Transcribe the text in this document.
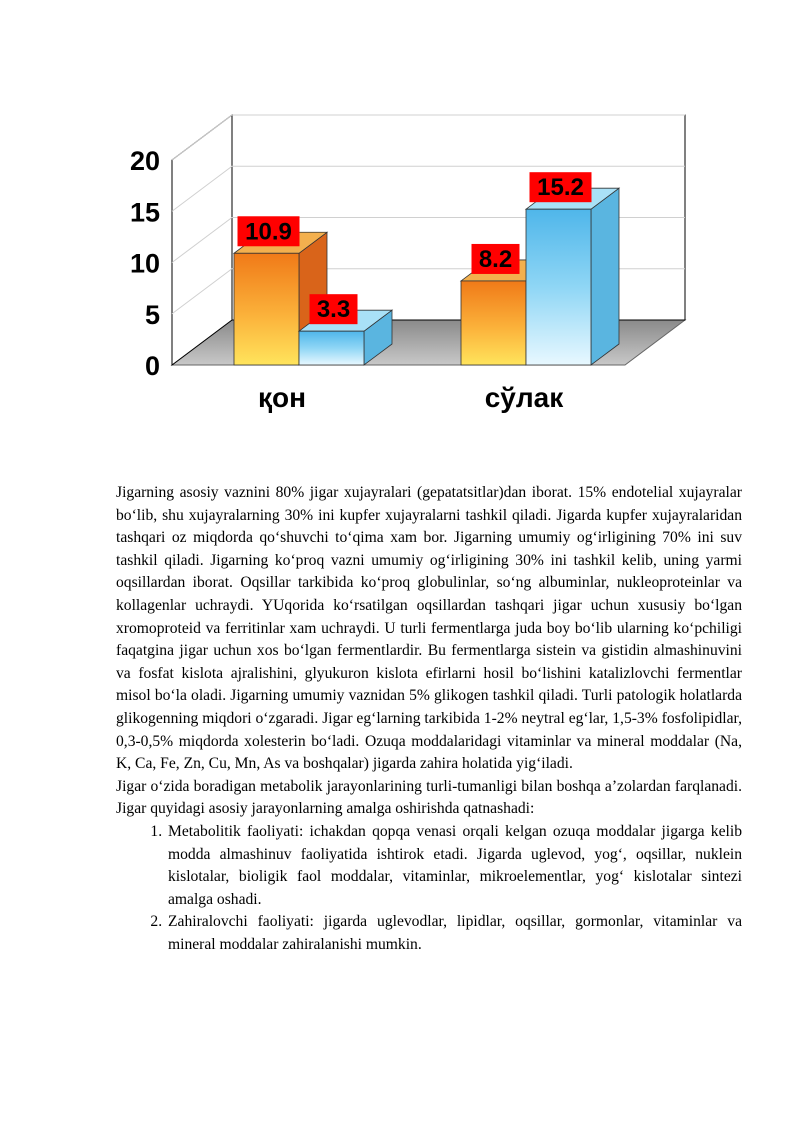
0
5
10
15
20
10.9
3.3
қон
8.2
15.2
сўлак

Jigarning asosiy vaznini 80% jigar xujayralari (gepatatsitlar)dan iborat. 15% endotelial xujayralar bo‘lib, shu xujayralarning 30% ini kupfer xujayralarni tashkil qiladi. Jigarda kupfer xujayralaridan tashqari oz miqdorda qo‘shuvchi to‘qima xam bor. Jigarning umumiy og‘irligining 70% ini suv tashkil qiladi. Jigarning ko‘proq vazni umumiy og‘irligining 30% ini tashkil kelib, uning yarmi oqsillardan iborat. Oqsillar tarkibida ko‘proq globulinlar, so‘ng albuminlar, nukleoproteinlar va kollagenlar uchraydi. YUqorida ko‘rsatilgan oqsillardan tashqari jigar uchun xususiy bo‘lgan xromoproteid va ferritinlar xam uchraydi. U turli fermentlarga juda boy bo‘lib ularning ko‘pchiligi faqatgina jigar uchun xos bo‘lgan fermentlardir. Bu fermentlarga sistein va gistidin almashinuvini va fosfat kislota ajralishini, glyukuron kislota efirlarni hosil bo‘lishini katalizlovchi fermentlar misol bo‘la oladi. Jigarning umumiy vaznidan 5% glikogen tashkil qiladi. Turli patologik holatlarda glikogenning miqdori o‘zgaradi. Jigar eg‘larning tarkibida 1-2% neytral eg‘lar, 1,5-3% fosfolipidlar, 0,3-0,5% miqdorda xolesterin bo‘ladi. Ozuqa moddalaridagi vitaminlar va mineral moddalar (Na, K, Ca, Fe, Zn, Cu, Mn, As va boshqalar) jigarda zahira holatida yig‘iladi.

Jigar o‘zida boradigan metabolik jarayonlarining turli-tumanligi bilan boshqa a’zolardan farqlanadi. Jigar quyidagi asosiy jarayonlarning amalga oshirishda qatnashadi:

1. Metabolitik faoliyati: ichakdan qopqa venasi orqali kelgan ozuqa moddalar jigarga kelib modda almashinuv faoliyatida ishtirok etadi. Jigarda uglevod, yog‘, oqsillar, nuklein kislotalar, bioligik faol moddalar, vitaminlar, mikroelementlar, yog‘ kislotalar sintezi amalga oshadi.
2. Zahiralovchi faoliyati: jigarda uglevodlar, lipidlar, oqsillar, gormonlar, vitaminlar va mineral moddalar zahiralanishi mumkin.
